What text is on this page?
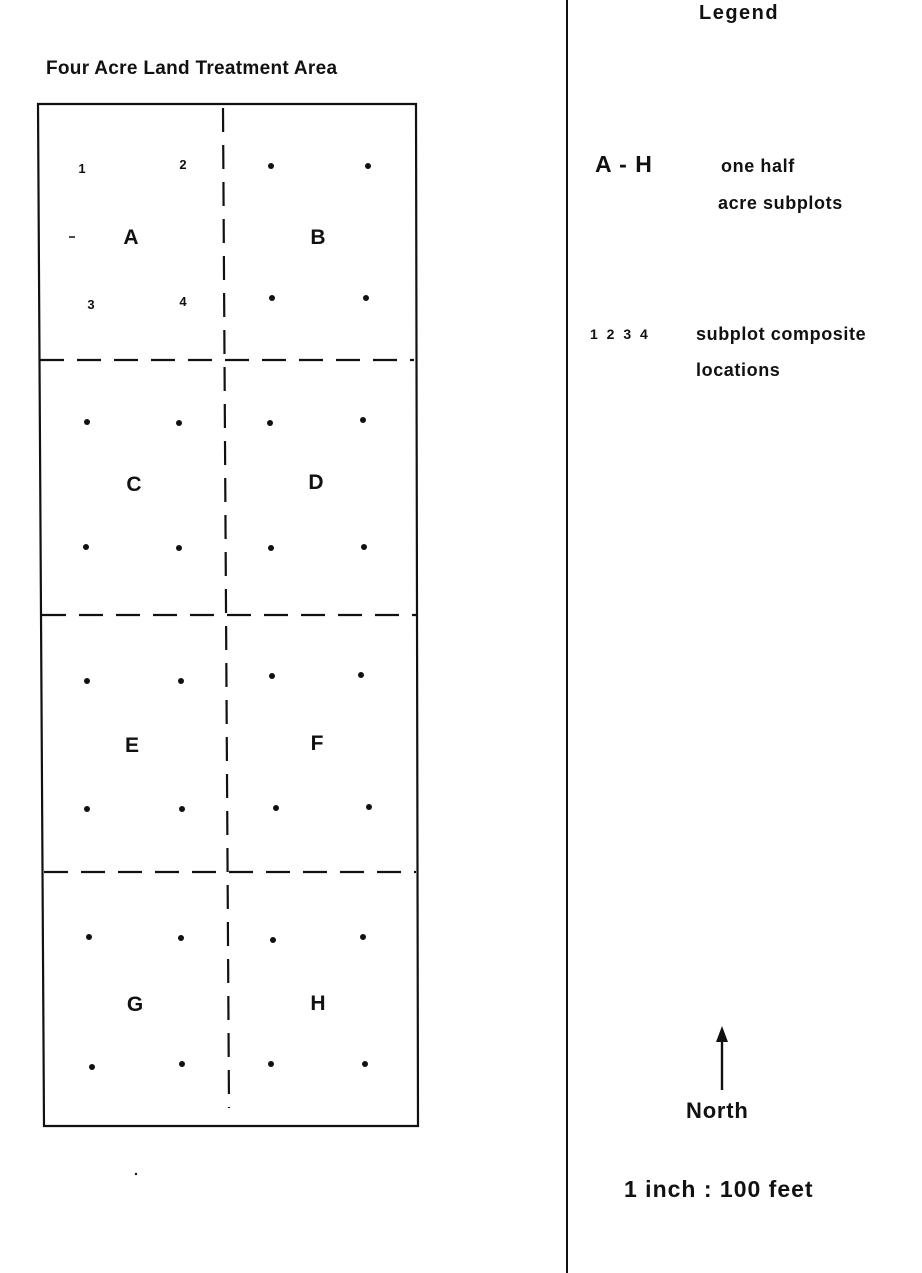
Four Acre Land Treatment Area
A	B
C	D
E	F
G	H
1	2
3	4
Legend
A - H	one half
acre subplots
1 2 3 4	subplot composite
locations
North
1 inch : 100 feet
